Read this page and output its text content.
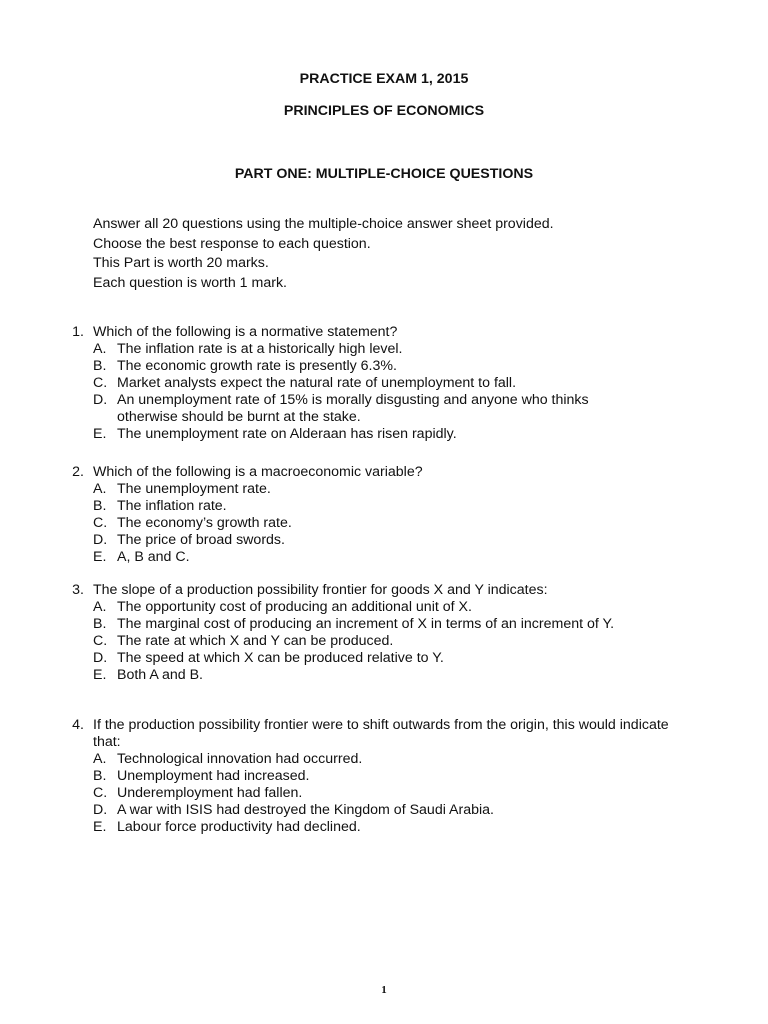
PRACTICE EXAM 1, 2015
PRINCIPLES OF ECONOMICS
PART ONE: MULTIPLE-CHOICE QUESTIONS
Answer all 20 questions using the multiple-choice answer sheet provided.
Choose the best response to each question.
This Part is worth 20 marks.
Each question is worth 1 mark.
1. Which of the following is a normative statement?
A. The inflation rate is at a historically high level.
B. The economic growth rate is presently 6.3%.
C. Market analysts expect the natural rate of unemployment to fall.
D. An unemployment rate of 15% is morally disgusting and anyone who thinks otherwise should be burnt at the stake.
E. The unemployment rate on Alderaan has risen rapidly.
2. Which of the following is a macroeconomic variable?
A. The unemployment rate.
B. The inflation rate.
C. The economy’s growth rate.
D. The price of broad swords.
E. A, B and C.
3. The slope of a production possibility frontier for goods X and Y indicates:
A. The opportunity cost of producing an additional unit of X.
B. The marginal cost of producing an increment of X in terms of an increment of Y.
C. The rate at which X and Y can be produced.
D. The speed at which X can be produced relative to Y.
E. Both A and B.
4. If the production possibility frontier were to shift outwards from the origin, this would indicate that:
A. Technological innovation had occurred.
B. Unemployment had increased.
C. Underemployment had fallen.
D. A war with ISIS had destroyed the Kingdom of Saudi Arabia.
E. Labour force productivity had declined.
1
